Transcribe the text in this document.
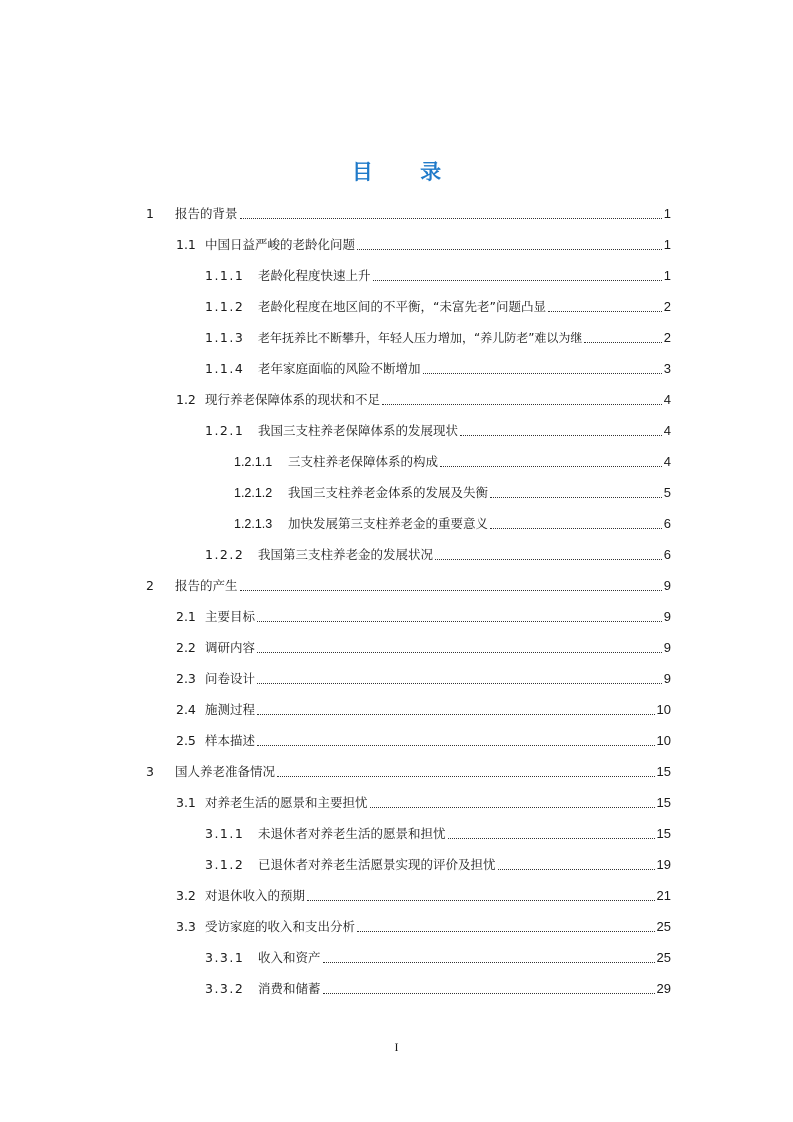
目 录
1	报告的背景	1
1.1 中国日益严峻的老龄化问题	1
1.1.1	老龄化程度快速上升	1
1.1.2	老龄化程度在地区间的不平衡，“未富先老”问题凸显	2
1.1.3	老年抚养比不断攀升，年轻人压力增加，“养儿防老”难以为继	2
1.1.4	老年家庭面临的风险不断增加	3
1.2 现行养老保障体系的现状和不足	4
1.2.1	我国三支柱养老保障体系的发展现状	4
1.2.1.1	三支柱养老保障体系的构成	4
1.2.1.2	我国三支柱养老金体系的发展及失衡	5
1.2.1.3	加快发展第三支柱养老金的重要意义	6
1.2.2	我国第三支柱养老金的发展状况	6
2	报告的产生	9
2.1 主要目标	9
2.2 调研内容	9
2.3 问卷设计	9
2.4 施测过程	10
2.5 样本描述	10
3	国人养老准备情况	15
3.1 对养老生活的愿景和主要担忧	15
3.1.1	未退休者对养老生活的愿景和担忧	15
3.1.2	已退休者对养老生活愿景实现的评价及担忧	19
3.2 对退休收入的预期	21
3.3 受访家庭的收入和支出分析	25
3.3.1	收入和资产	25
3.3.2	消费和储蓄	29
I
